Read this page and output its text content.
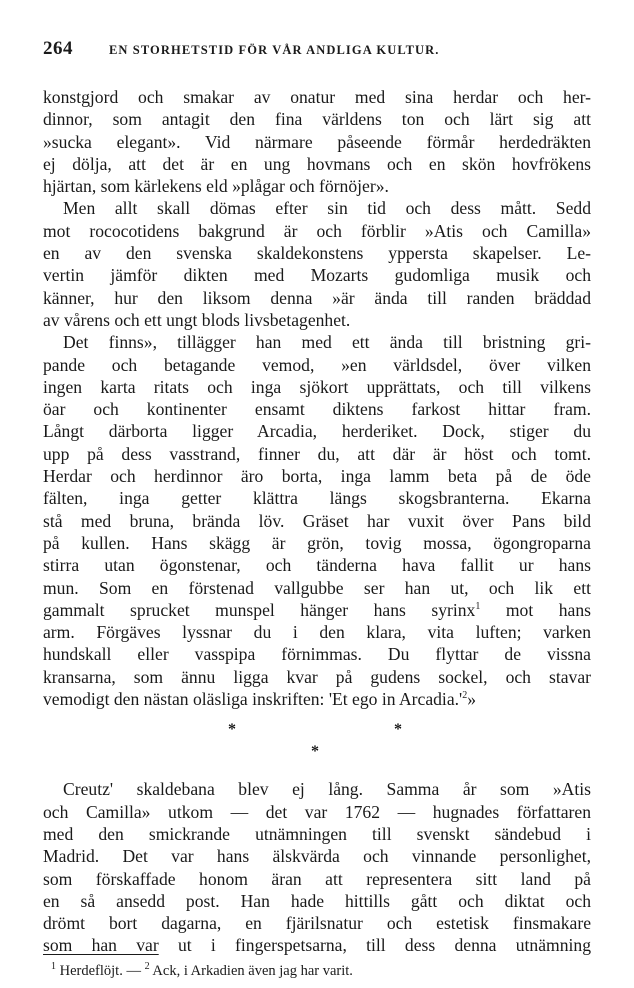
264	EN STORHETSTID FÖR VÅR ANDLIGA KULTUR.
konstgjord och smakar av onatur med sina herdar och her-
dinnor, som antagit den fina världens ton och lärt sig att
»sucka elegant». Vid närmare påseende förmår herdedräkten
ej dölja, att det är en ung hovmans och en skön hovfrökens
hjärtan, som kärlekens eld »plågar och förnöjer».
Men allt skall dömas efter sin tid och dess mått. Sedd
mot rococotidens bakgrund är och förblir »Atis och Camilla»
en av den svenska skaldekonstens yppersta skapelser. Le-
vertin jämför dikten med Mozarts gudomliga musik och
känner, hur den liksom denna »är ända till randen bräddad
av vårens och ett ungt blods livsbetagenhet.
Det finns», tillägger han med ett ända till bristning gri-
pande och betagande vemod, »en världsdel, över vilken
ingen karta ritats och inga sjökort upprättats, och till vilkens
öar och kontinenter ensamt diktens farkost hittar fram.
Långt därborta ligger Arcadia, herderiket. Dock, stiger du
upp på dess vasstrand, finner du, att där är höst och tomt.
Herdar och herdinnor äro borta, inga lamm beta på de öde
fälten, inga getter klättra längs skogsbranterna. Ekarna
stå med bruna, brända löv. Gräset har vuxit över Pans bild
på kullen. Hans skägg är grön, tovig mossa, ögongroparna
stirra utan ögonstenar, och tänderna hava fallit ur hans
mun. Som en förstenad vallgubbe ser han ut, och lik ett
gammalt sprucket munspel hänger hans syrinx$^1$ mot hans
arm. Förgäves lyssnar du i den klara, vita luften; varken
hundskall eller vasspipa förnimmas. Du flyttar de vissna
kransarna, som ännu ligga kvar på gudens sockel, och stavar
vemodigt den nästan oläsliga inskriften: 'Et ego in $Arcadia.'^2$»
*	*
*
Creutz' skaldebana blev ej lång. Samma år som »Atis
och Camilla» utkom — det var 1762 — hugnades författaren
med den smickrande utnämningen till svenskt sändebud i
Madrid. Det var hans älskvärda och vinnande personlighet,
som förskaffade honom äran att representera sitt land på
en så ansedd post. Han hade hittills gått och diktat och
drömt bort dagarna, en fjärilsnatur och estetisk finsmakare
som han var ut i fingerspetsarna, till dess denna utnämning
$^1$ Herdeflöjt. — $^2$ Ack, i Arkadien även jag har varit.
